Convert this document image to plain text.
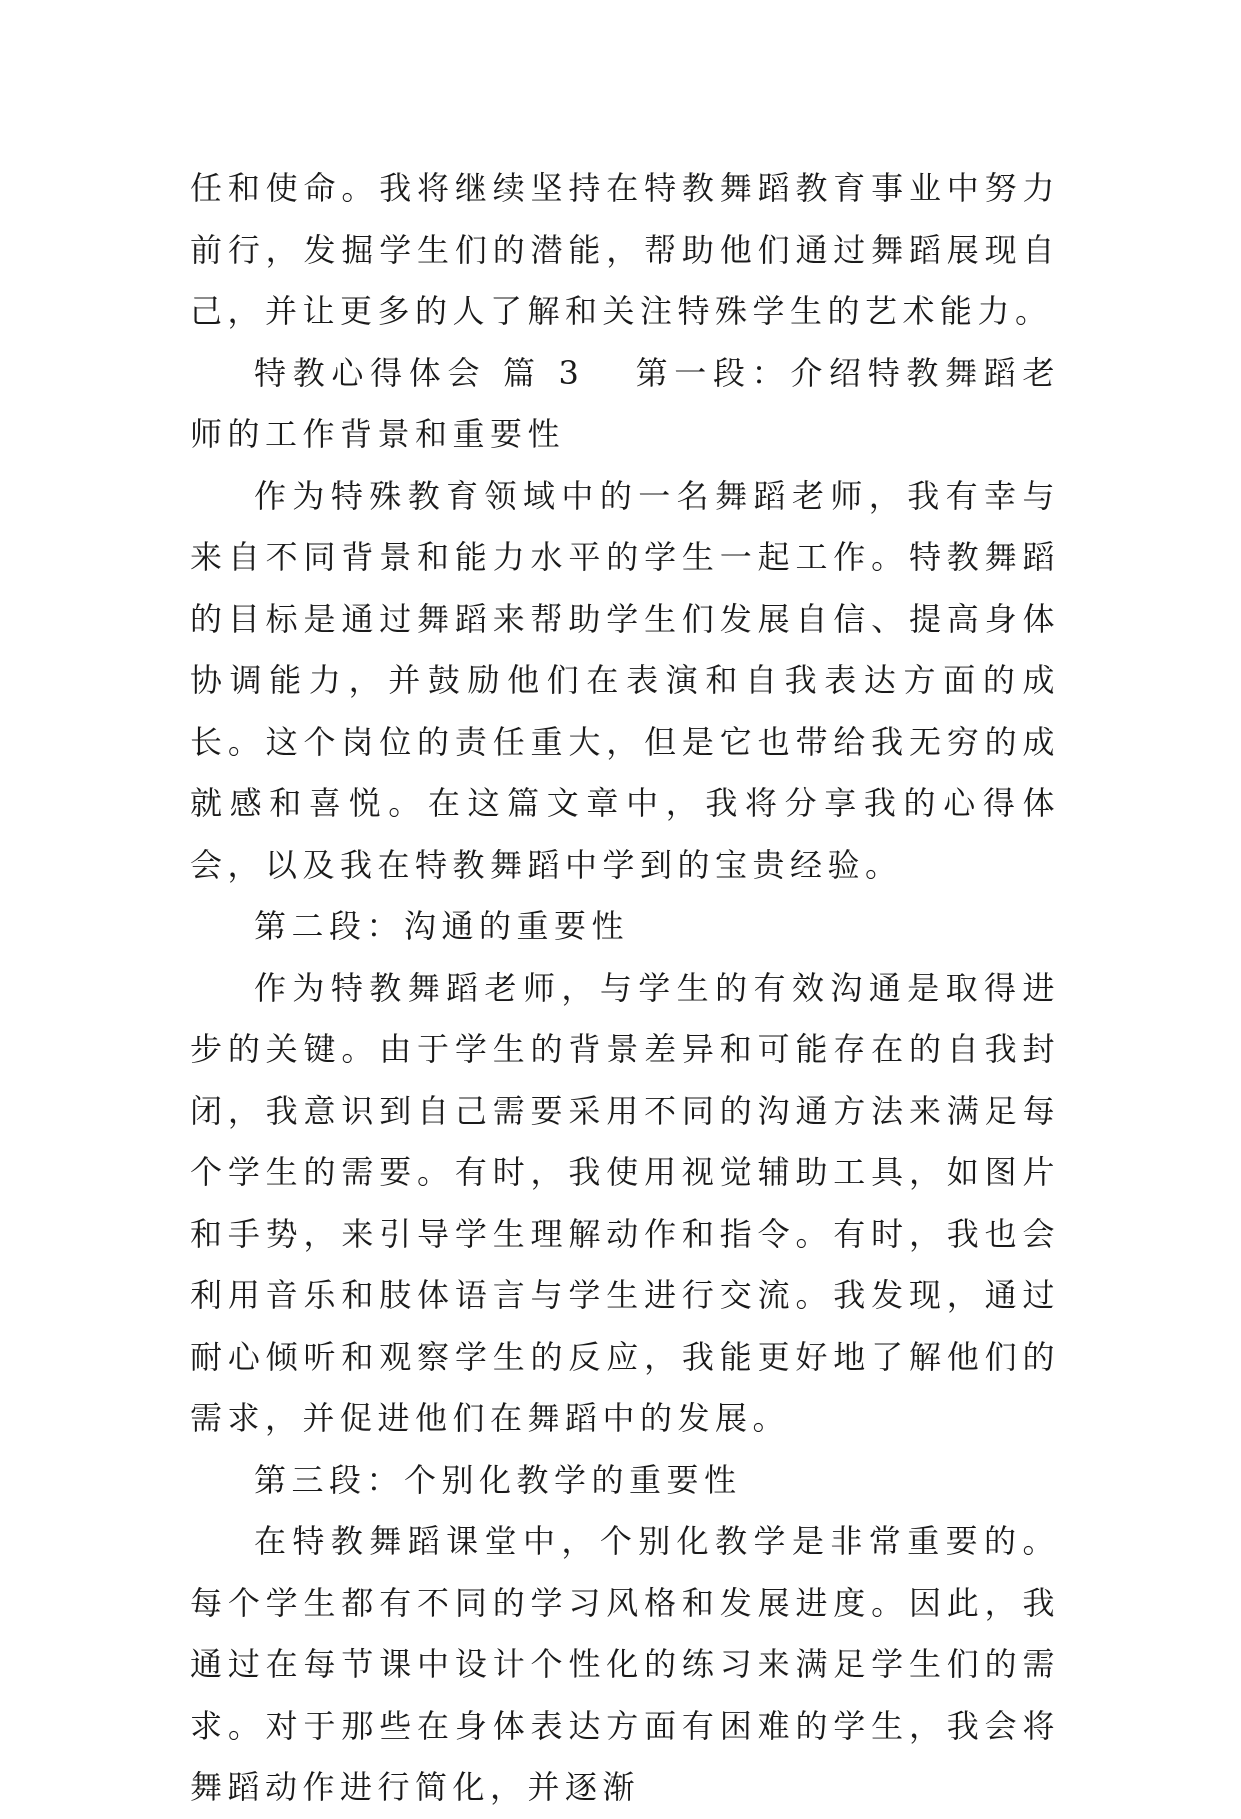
任和使命。我将继续坚持在特教舞蹈教育事业中努力前行，发掘学生们的潜能，帮助他们通过舞蹈展现自己，并让更多的人了解和关注特殊学生的艺术能力。

特教心得体会 篇 3 第一段：介绍特教舞蹈老师的工作背景和重要性

作为特殊教育领域中的一名舞蹈老师，我有幸与来自不同背景和能力水平的学生一起工作。特教舞蹈的目标是通过舞蹈来帮助学生们发展自信、提高身体协调能力，并鼓励他们在表演和自我表达方面的成长。这个岗位的责任重大，但是它也带给我无穷的成就感和喜悦。在这篇文章中，我将分享我的心得体会，以及我在特教舞蹈中学到的宝贵经验。

第二段：沟通的重要性

作为特教舞蹈老师，与学生的有效沟通是取得进步的关键。由于学生的背景差异和可能存在的自我封闭，我意识到自己需要采用不同的沟通方法来满足每个学生的需要。有时，我使用视觉辅助工具，如图片和手势，来引导学生理解动作和指令。有时，我也会利用音乐和肢体语言与学生进行交流。我发现，通过耐心倾听和观察学生的反应，我能更好地了解他们的需求，并促进他们在舞蹈中的发展。

第三段：个别化教学的重要性

在特教舞蹈课堂中，个别化教学是非常重要的。每个学生都有不同的学习风格和发展进度。因此，我通过在每节课中设计个性化的练习来满足学生们的需求。对于那些在身体表达方面有困难的学生，我会将舞蹈动作进行简化，并逐渐
